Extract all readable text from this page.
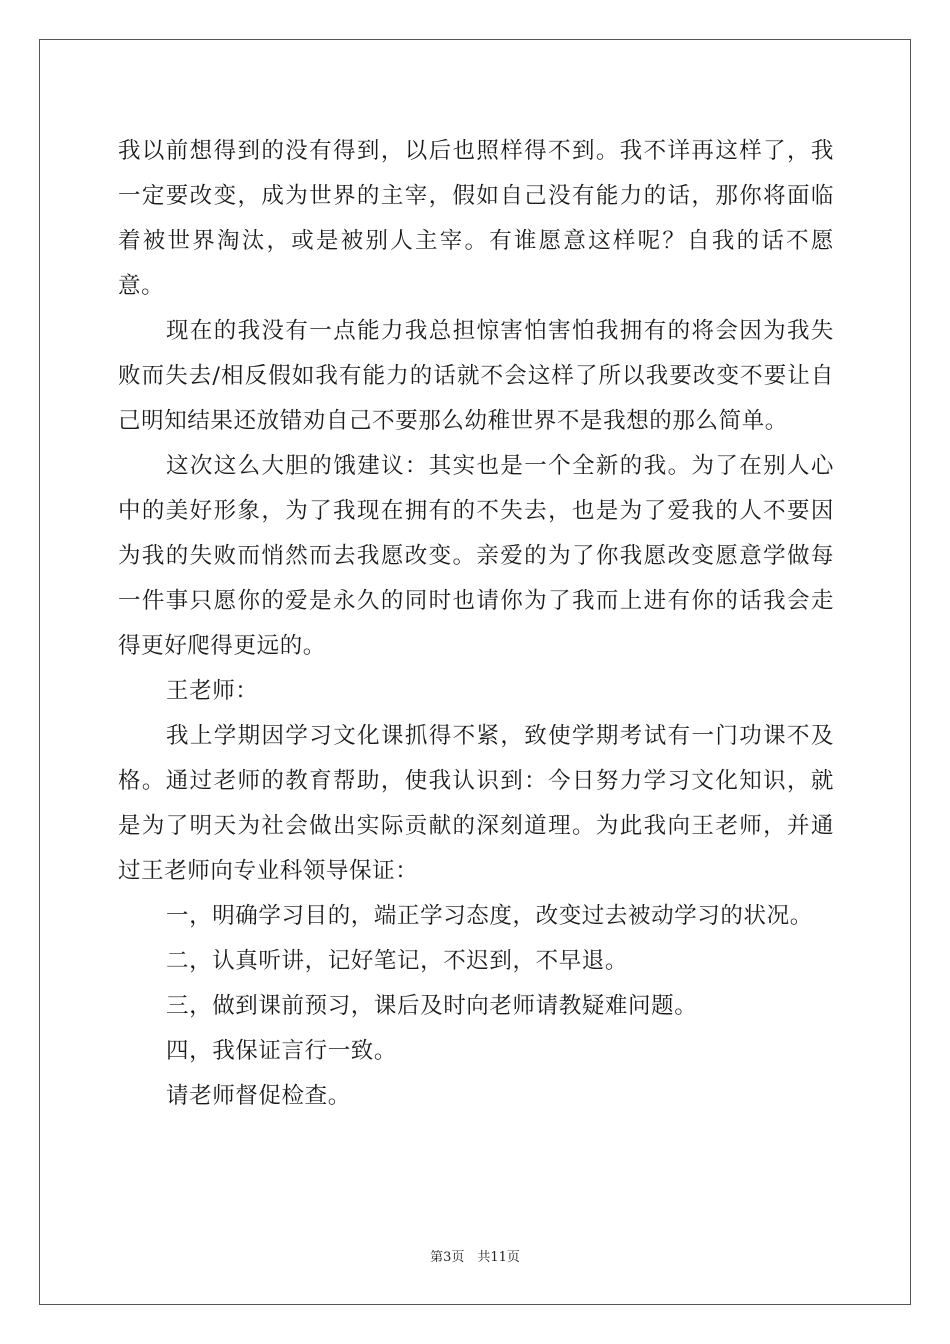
我以前想得到的没有得到，以后也照样得不到。我不详再这样了，我一定要改变，成为世界的主宰，假如自己没有能力的话，那你将面临着被世界淘汰，或是被别人主宰。有谁愿意这样呢？自我的话不愿意。

现在的我没有一点能力我总担惊害怕害怕我拥有的将会因为我失败而失去/相反假如我有能力的话就不会这样了所以我要改变不要让自己明知结果还放错劝自己不要那么幼稚世界不是我想的那么简单。

这次这么大胆的饿建议：其实也是一个全新的我。为了在别人心中的美好形象，为了我现在拥有的不失去，也是为了爱我的人不要因为我的失败而悄然而去我愿改变。亲爱的为了你我愿改变愿意学做每一件事只愿你的爱是永久的同时也请你为了我而上进有你的话我会走得更好爬得更远的。

王老师：

我上学期因学习文化课抓得不紧，致使学期考试有一门功课不及格。通过老师的教育帮助，使我认识到：今日努力学习文化知识，就是为了明天为社会做出实际贡献的深刻道理。为此我向王老师，并通过王老师向专业科领导保证：

一，明确学习目的，端正学习态度，改变过去被动学习的状况。

二，认真听讲，记好笔记，不迟到，不早退。

三，做到课前预习，课后及时向老师请教疑难问题。

四，我保证言行一致。

请老师督促检查。

第3页　共11页
